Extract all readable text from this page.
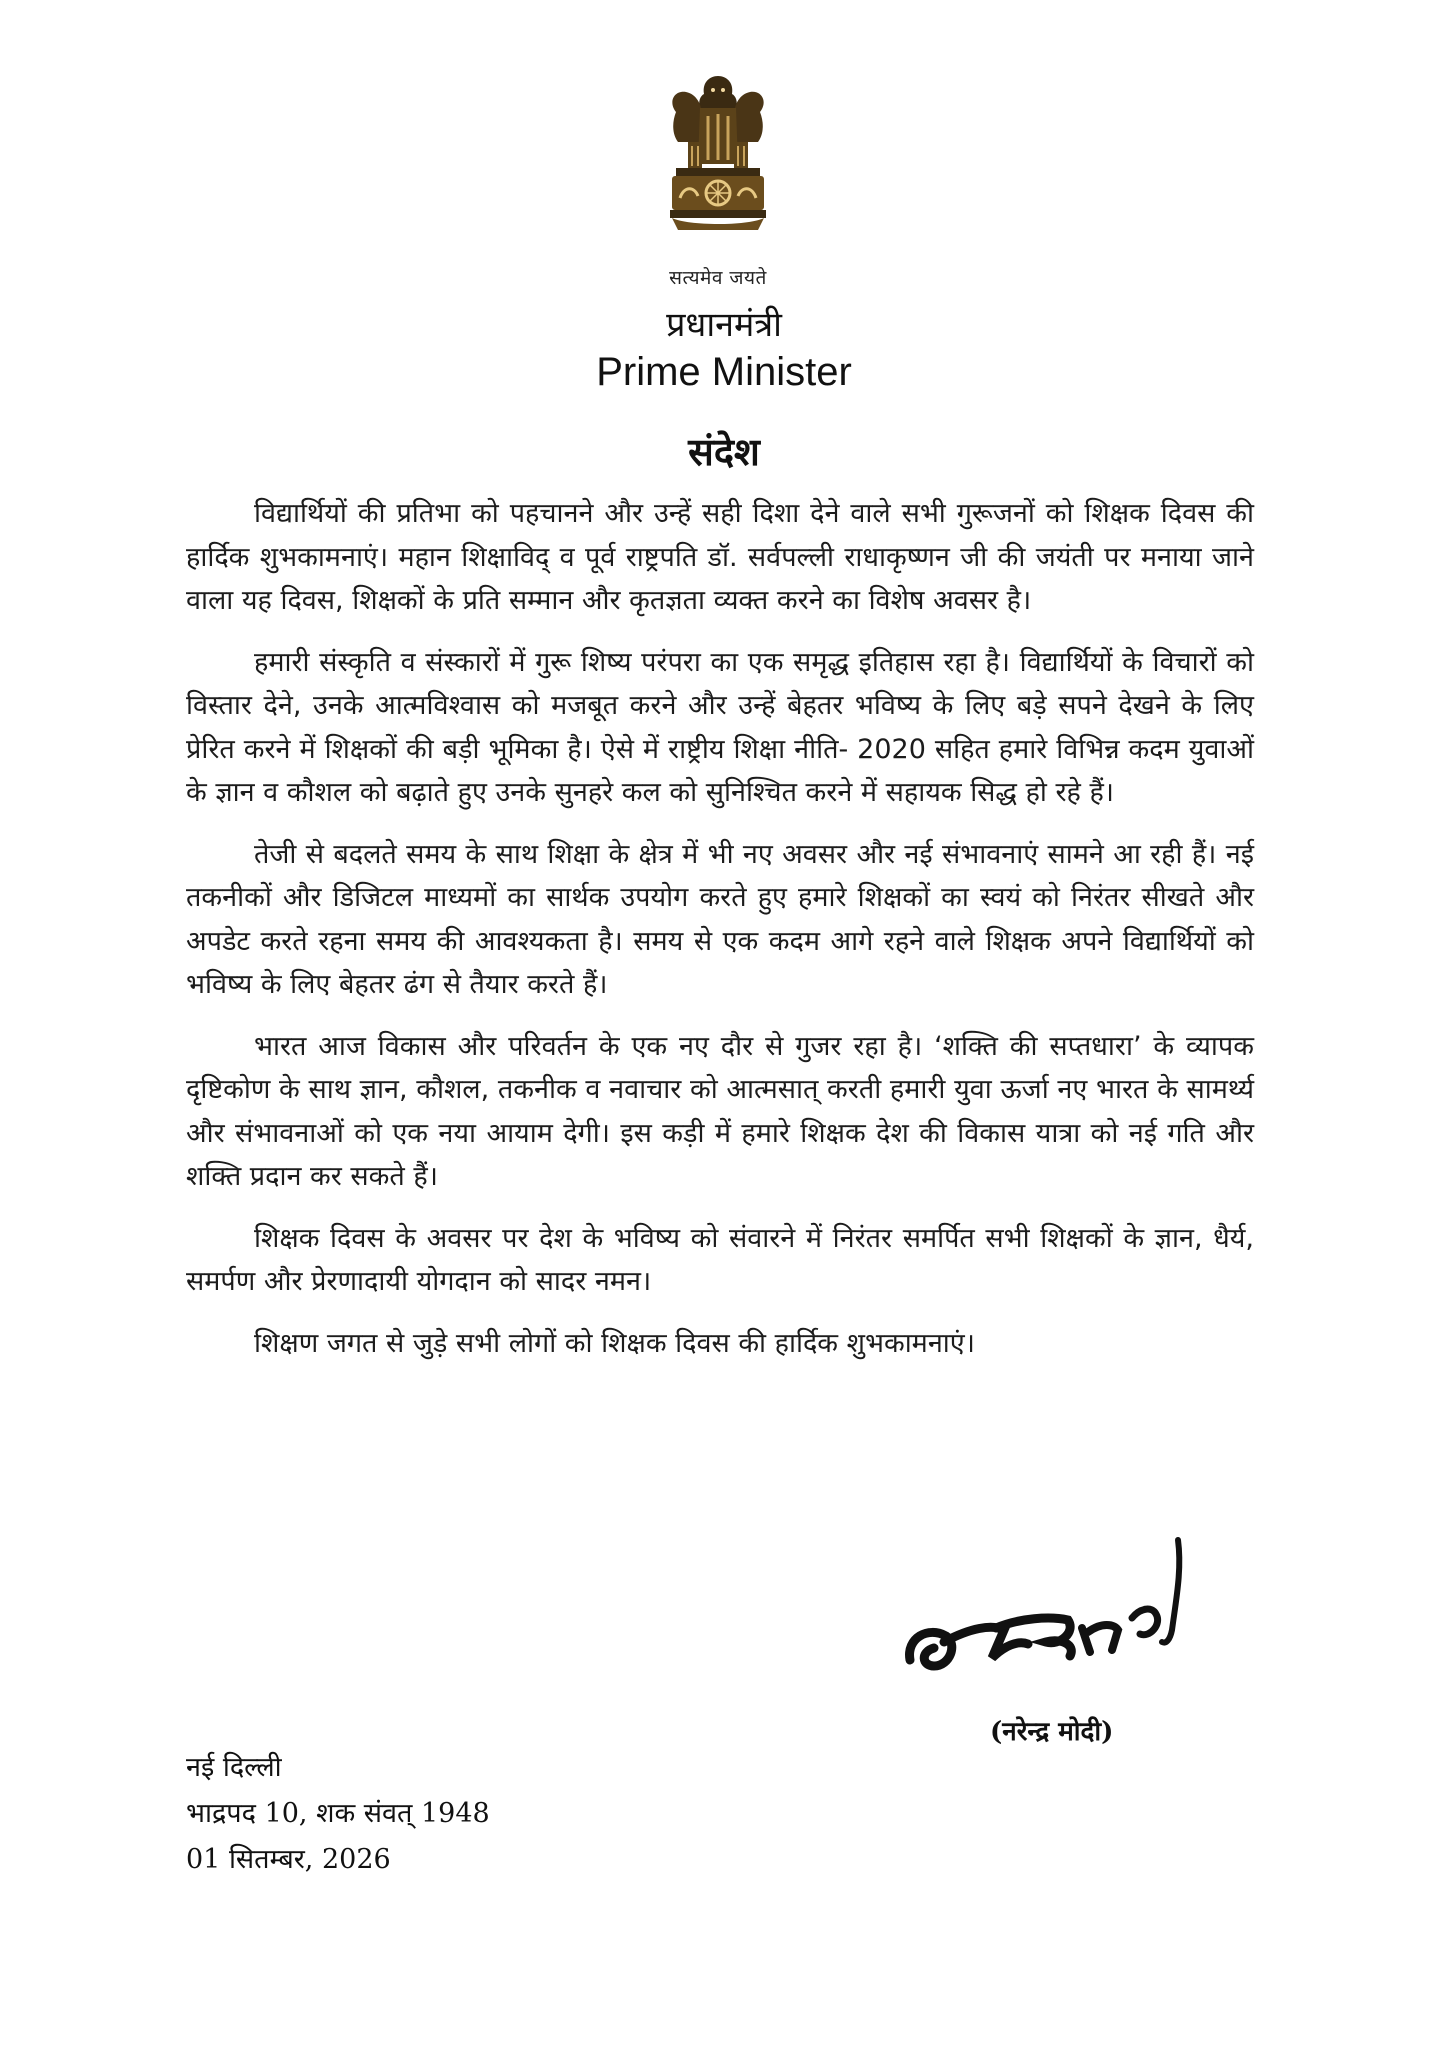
सत्यमेव जयते
प्रधानमंत्री
Prime Minister
संदेश

विद्यार्थियों की प्रतिभा को पहचानने और उन्हें सही दिशा देने वाले सभी गुरूजनों को शिक्षक दिवस की हार्दिक शुभकामनाएं। महान शिक्षाविद् व पूर्व राष्ट्रपति डॉ. सर्वपल्ली राधाकृष्णन जी की जयंती पर मनाया जाने वाला यह दिवस, शिक्षकों के प्रति सम्मान और कृतज्ञता व्यक्त करने का विशेष अवसर है।

हमारी संस्कृति व संस्कारों में गुरू शिष्य परंपरा का एक समृद्ध इतिहास रहा है। विद्यार्थियों के विचारों को विस्तार देने, उनके आत्मविश्वास को मजबूत करने और उन्हें बेहतर भविष्य के लिए बड़े सपने देखने के लिए प्रेरित करने में शिक्षकों की बड़ी भूमिका है। ऐसे में राष्ट्रीय शिक्षा नीति- 2020 सहित हमारे विभिन्न कदम युवाओं के ज्ञान व कौशल को बढ़ाते हुए उनके सुनहरे कल को सुनिश्चित करने में सहायक सिद्ध हो रहे हैं।

तेजी से बदलते समय के साथ शिक्षा के क्षेत्र में भी नए अवसर और नई संभावनाएं सामने आ रही हैं। नई तकनीकों और डिजिटल माध्यमों का सार्थक उपयोग करते हुए हमारे शिक्षकों का स्वयं को निरंतर सीखते और अपडेट करते रहना समय की आवश्यकता है। समय से एक कदम आगे रहने वाले शिक्षक अपने विद्यार्थियों को भविष्य के लिए बेहतर ढंग से तैयार करते हैं।

भारत आज विकास और परिवर्तन के एक नए दौर से गुजर रहा है। ‘शक्ति की सप्तधारा’ के व्यापक दृष्टिकोण के साथ ज्ञान, कौशल, तकनीक व नवाचार को आत्मसात् करती हमारी युवा ऊर्जा नए भारत के सामर्थ्य और संभावनाओं को एक नया आयाम देगी। इस कड़ी में हमारे शिक्षक देश की विकास यात्रा को नई गति और शक्ति प्रदान कर सकते हैं।

शिक्षक दिवस के अवसर पर देश के भविष्य को संवारने में निरंतर समर्पित सभी शिक्षकों के ज्ञान, धैर्य, समर्पण और प्रेरणादायी योगदान को सादर नमन।

शिक्षण जगत से जुड़े सभी लोगों को शिक्षक दिवस की हार्दिक शुभकामनाएं।

(नरेन्द्र मोदी)
नई दिल्ली
भाद्रपद 10, शक संवत् 1948
01 सितम्बर, 2026
